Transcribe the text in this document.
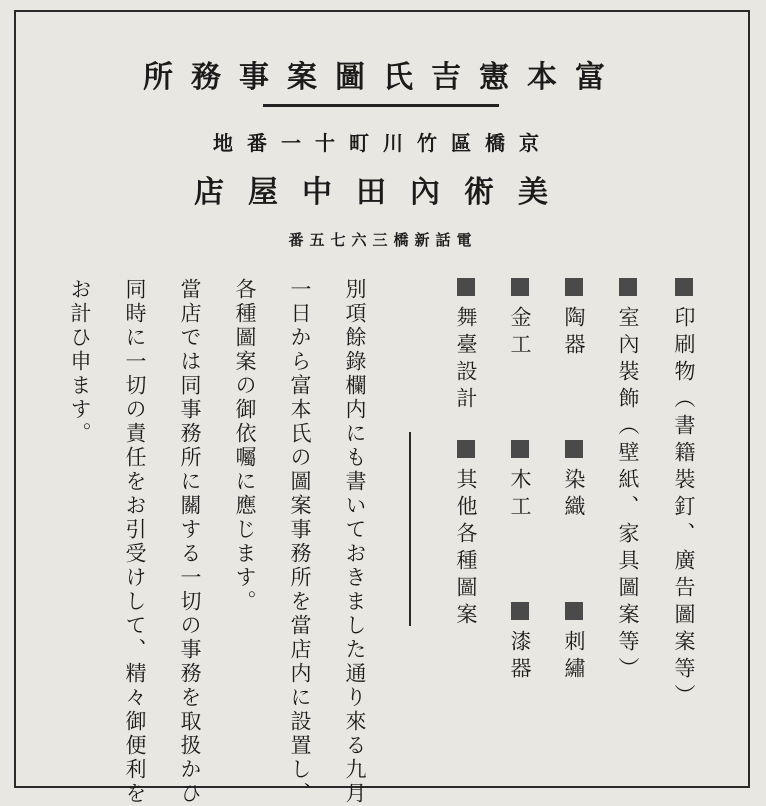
富本憲吉氏圖案事務所
京橋區竹川町十一番地
美術內田中屋店
電話新橋三六七五番
印刷物（書籍裝釘、廣告圖案等）
室內裝飾（壁紙、家具圖案等）
陶器
染織
刺繡
金工
木工
漆器
舞臺設計
其他各種圖案
別項餘錄欄内にも書いておきました通り來る九月
一日から富本氏の圖案事務所を當店内に設置し、
各種圖案の御依囑に應じます。
當店では同事務所に關する一切の事務を取扱かひ
同時に一切の責任をお引受けして、精々御便利を
お計ひ申ます。
